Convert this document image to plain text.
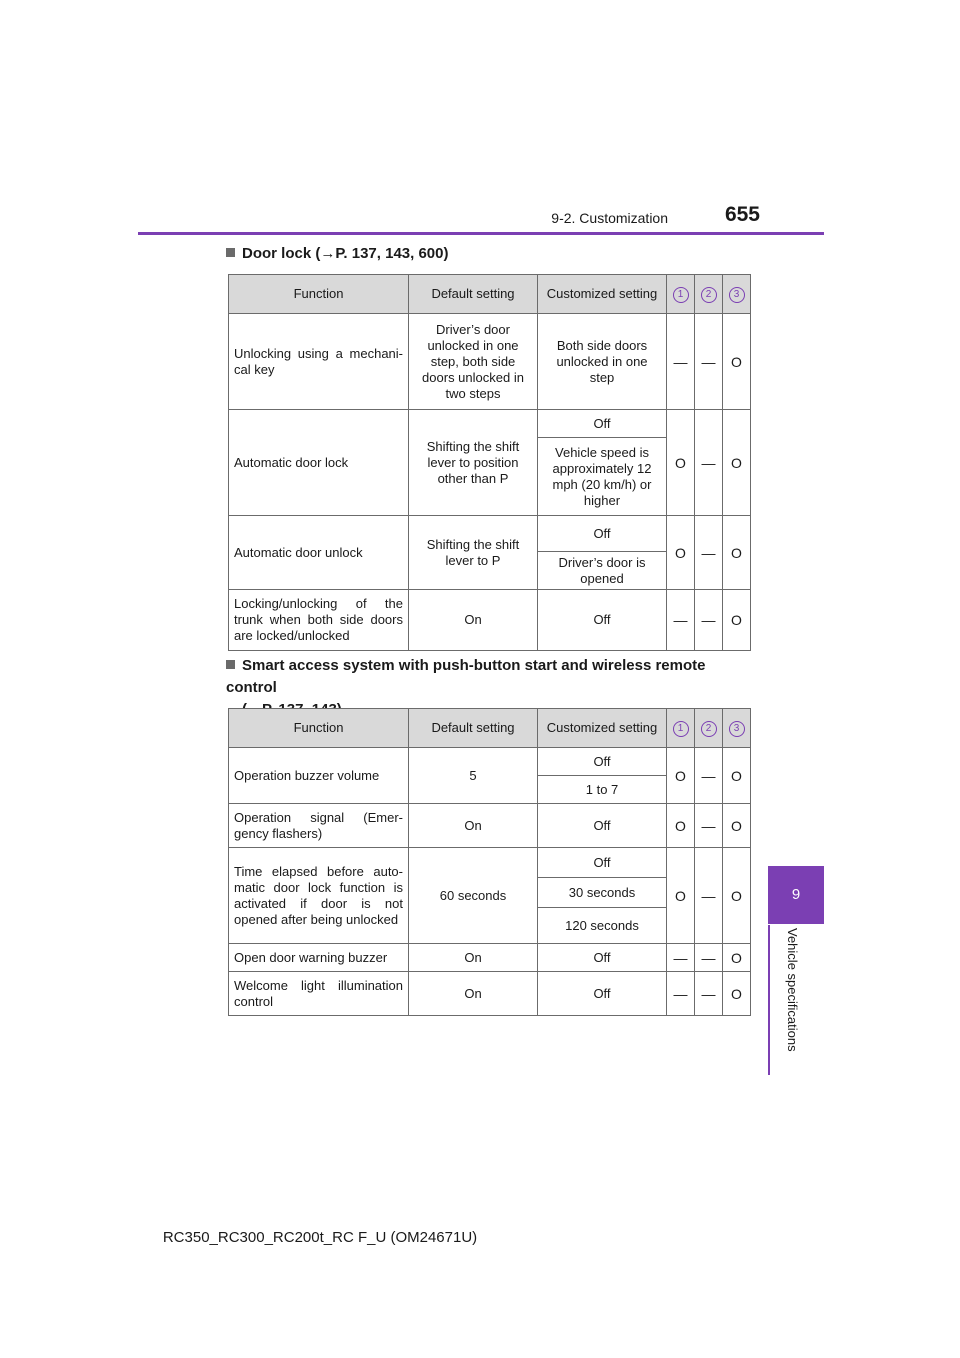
9-2. Customization	655
9
Vehicle specifications
Door lock (→P. 137, 143, 600)
Function	Default setting	Customized setting	1	2	3
Unlocking using a mechani-cal key	Driver’s door unlocked in one step, both side doors unlocked in two steps	Both side doors unlocked in one step	—	—	O
Automatic door lock	Shifting the shift lever to position other than P	Off	O	—	O
		Vehicle speed is approximately 12 mph (20 km/h) or higher			
Automatic door unlock	Shifting the shift lever to P	Off	O	—	O
		Driver’s door is opened			
Locking/unlocking of the trunk when both side doors are locked/unlocked	On	Off	—	—	O
Smart access system with push-button start and wireless remote control
Function	Default setting	Customized setting	1	2	3
Operation buzzer volume	5	Off	O	—	O
		1 to 7			
Operation signal (Emer-gency flashers)	On	Off	O	—	O
Time elapsed before auto-matic door lock function is activated if door is not opened after being unlocked	60 seconds	Off	O	—	O
		30 seconds			
		120 seconds			
Open door warning buzzer	On	Off	—	—	O
Welcome light illumination control	On	Off	—	—	O
RC350_RC300_RC200t_RC F_U (OM24671U)
